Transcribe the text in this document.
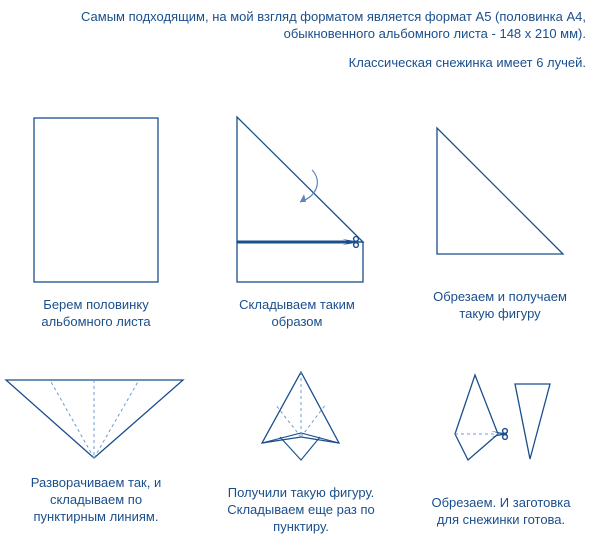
Самым подходящим, на мой взгляд форматом является формат А5 (половинка А4,

обыкновенного альбомного листа - 148 х 210 мм).

Классическая снежинка имеет 6 лучей.

Берем половинку
альбомного листа
Складываем таким
образом
Обрезаем и получаем
такую фигуру
Разворачиваем так, и
складываем по
пунктирным линиям.
Получили такую фигуру.
Складываем еще раз по
пунктиру.
Обрезаем. И заготовка
для снежинки готова.
